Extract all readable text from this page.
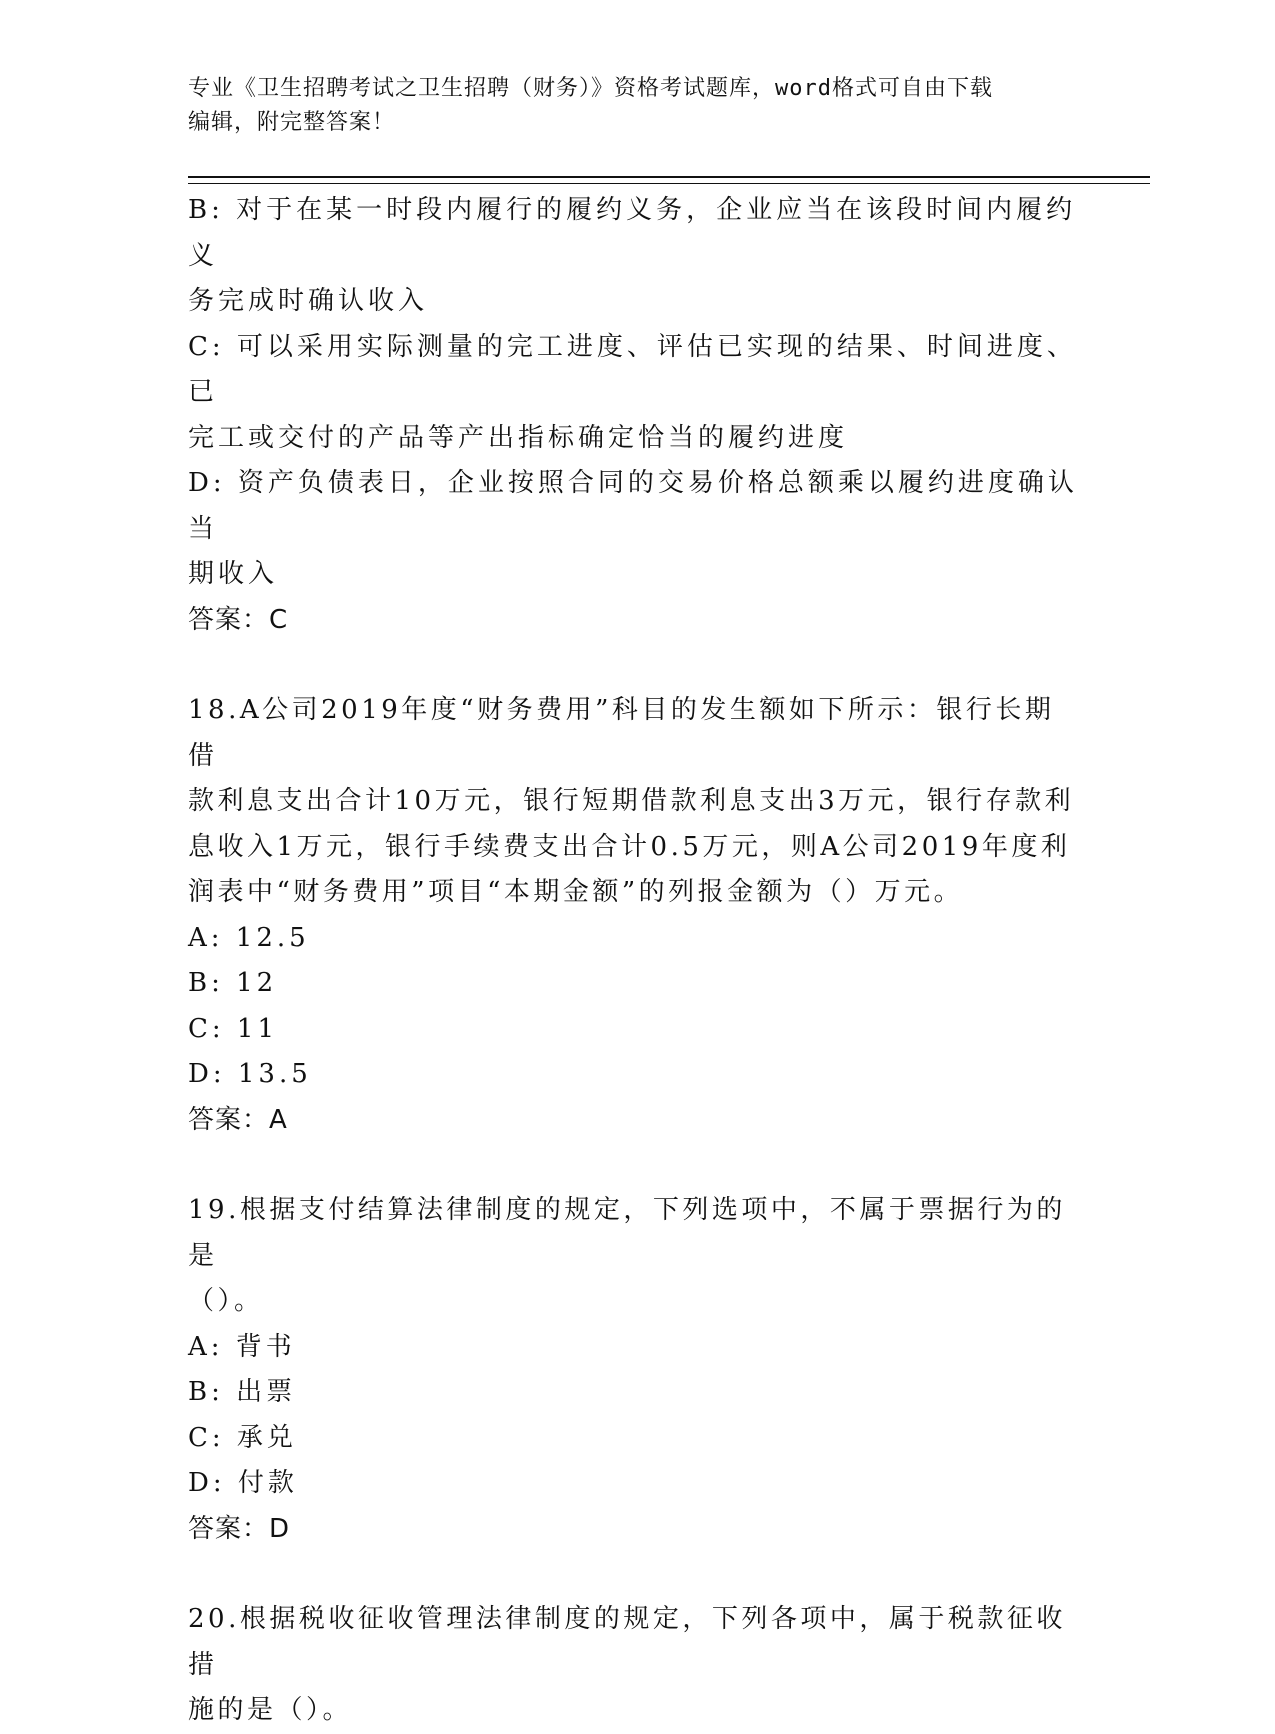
专业《卫生招聘考试之卫生招聘（财务）》资格考试题库，word格式可自由下载
编辑，附完整答案！
B: 对于在某一时段内履行的履约义务，企业应当在该段时间内履约义
务完成时确认收入
C: 可以采用实际测量的完工进度、评估已实现的结果、时间进度、已
完工或交付的产品等产出指标确定恰当的履约进度
D: 资产负债表日，企业按照合同的交易价格总额乘以履约进度确认当
期收入
答案：C
18.A公司2019年度“财务费用”科目的发生额如下所示：银行长期借
款利息支出合计10万元，银行短期借款利息支出3万元，银行存款利
息收入1万元，银行手续费支出合计0.5万元，则A公司2019年度利
润表中“财务费用”项目“本期金额”的列报金额为（）万元。
A: 12.5
B: 12
C: 11
D: 13.5
答案：A
19.根据支付结算法律制度的规定，下列选项中，不属于票据行为的是
（）。
A: 背书
B: 出票
C: 承兑
D: 付款
答案：D
20.根据税收征收管理法律制度的规定，下列各项中，属于税款征收措
施的是（）。
